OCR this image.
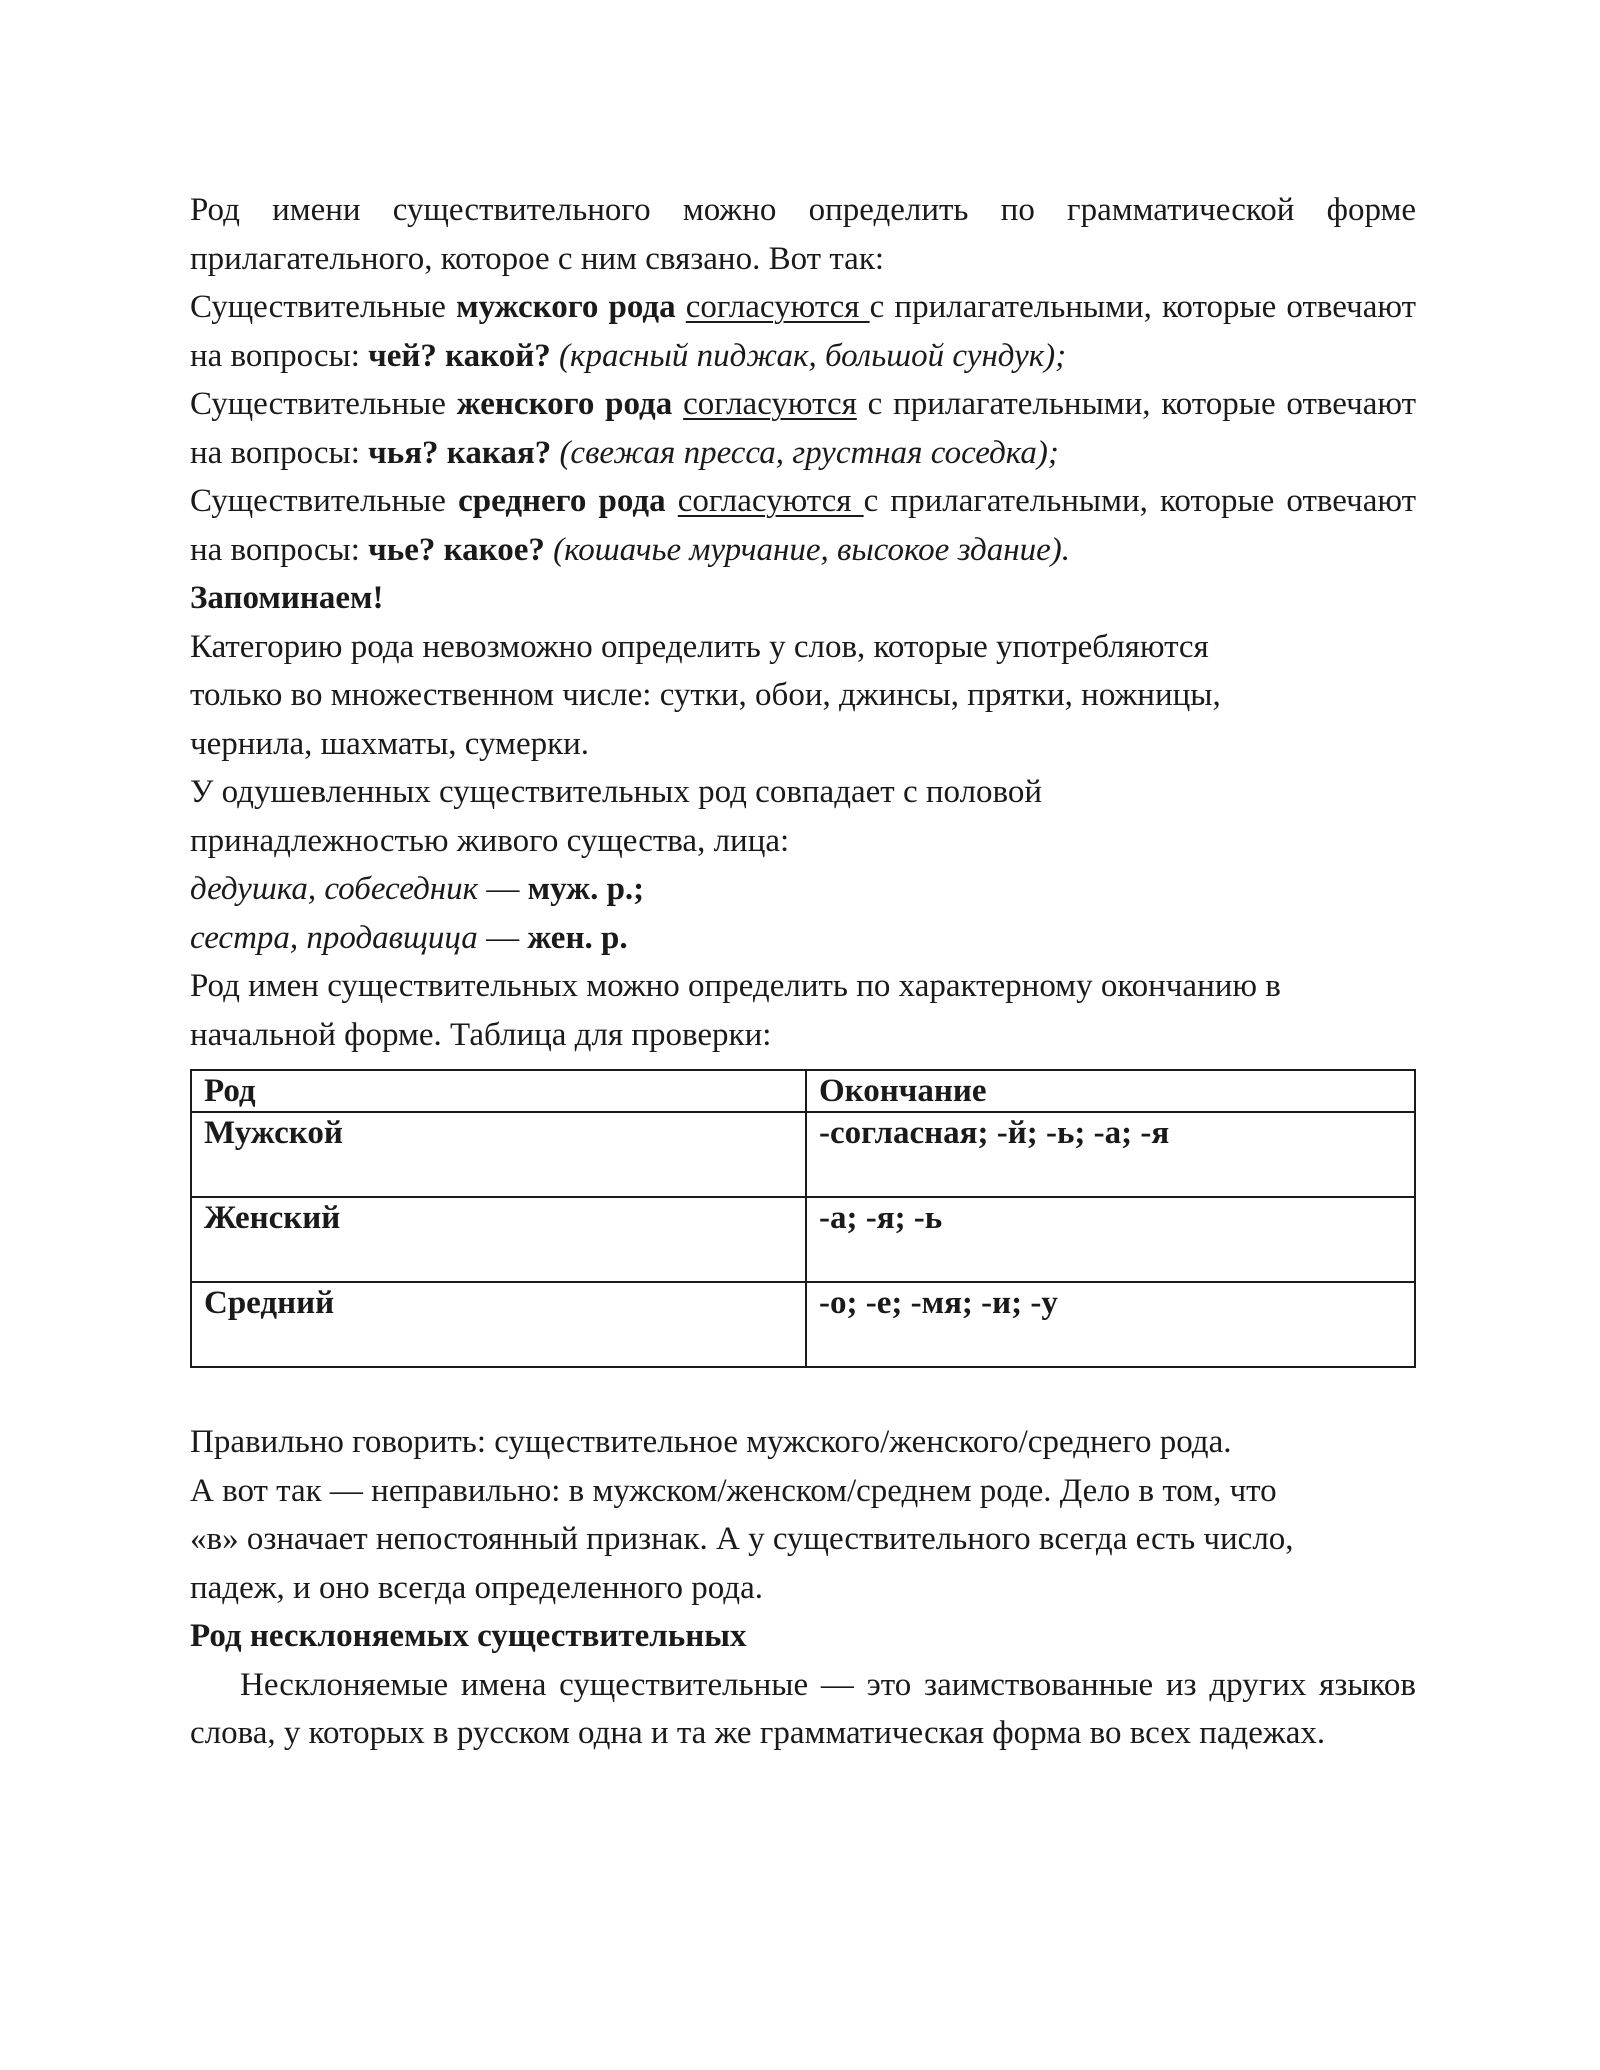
Род имени существительного можно определить по грамматической форме прилагательного, которое с ним связано. Вот так:

Существительные мужского рода согласуются с прилагательными, которые отвечают на вопросы: чей? какой? (красный пиджак, большой сундук);

Существительные женского рода согласуются с прилагательными, которые отвечают на вопросы: чья? какая? (свежая пресса, грустная соседка);

Существительные среднего рода согласуются с прилагательными, которые отвечают на вопросы: чье? какое? (кошачье мурчание, высокое здание).

Запоминаем!

Категорию рода невозможно определить у слов, которые употребляются

только во множественном числе: сутки, обои, джинсы, прятки, ножницы,

чернила, шахматы, сумерки.

У одушевленных существительных род совпадает с половой

принадлежностью живого существа, лица:

дедушка, собеседник — муж. р.;

сестра, продавщица — жен. р.

Род имен существительных можно определить по характерному окончанию в

начальной форме. Таблица для проверки:

Род	Окончание
Мужской	-согласная; -й; -ь; -а; -я
Женский	-а; -я; -ь
Средний	-о; -е; -мя; -и; -у

Правильно говорить: существительное мужского/женского/среднего рода.

А вот так — неправильно: в мужском/женском/среднем роде. Дело в том, что

«в» означает непостоянный признак. А у существительного всегда есть число,

падеж, и оно всегда определенного рода.

Род несклоняемых существительных

Несклоняемые имена существительные — это заимствованные из других языков слова, у которых в русском одна и та же грамматическая форма во всех падежах.
